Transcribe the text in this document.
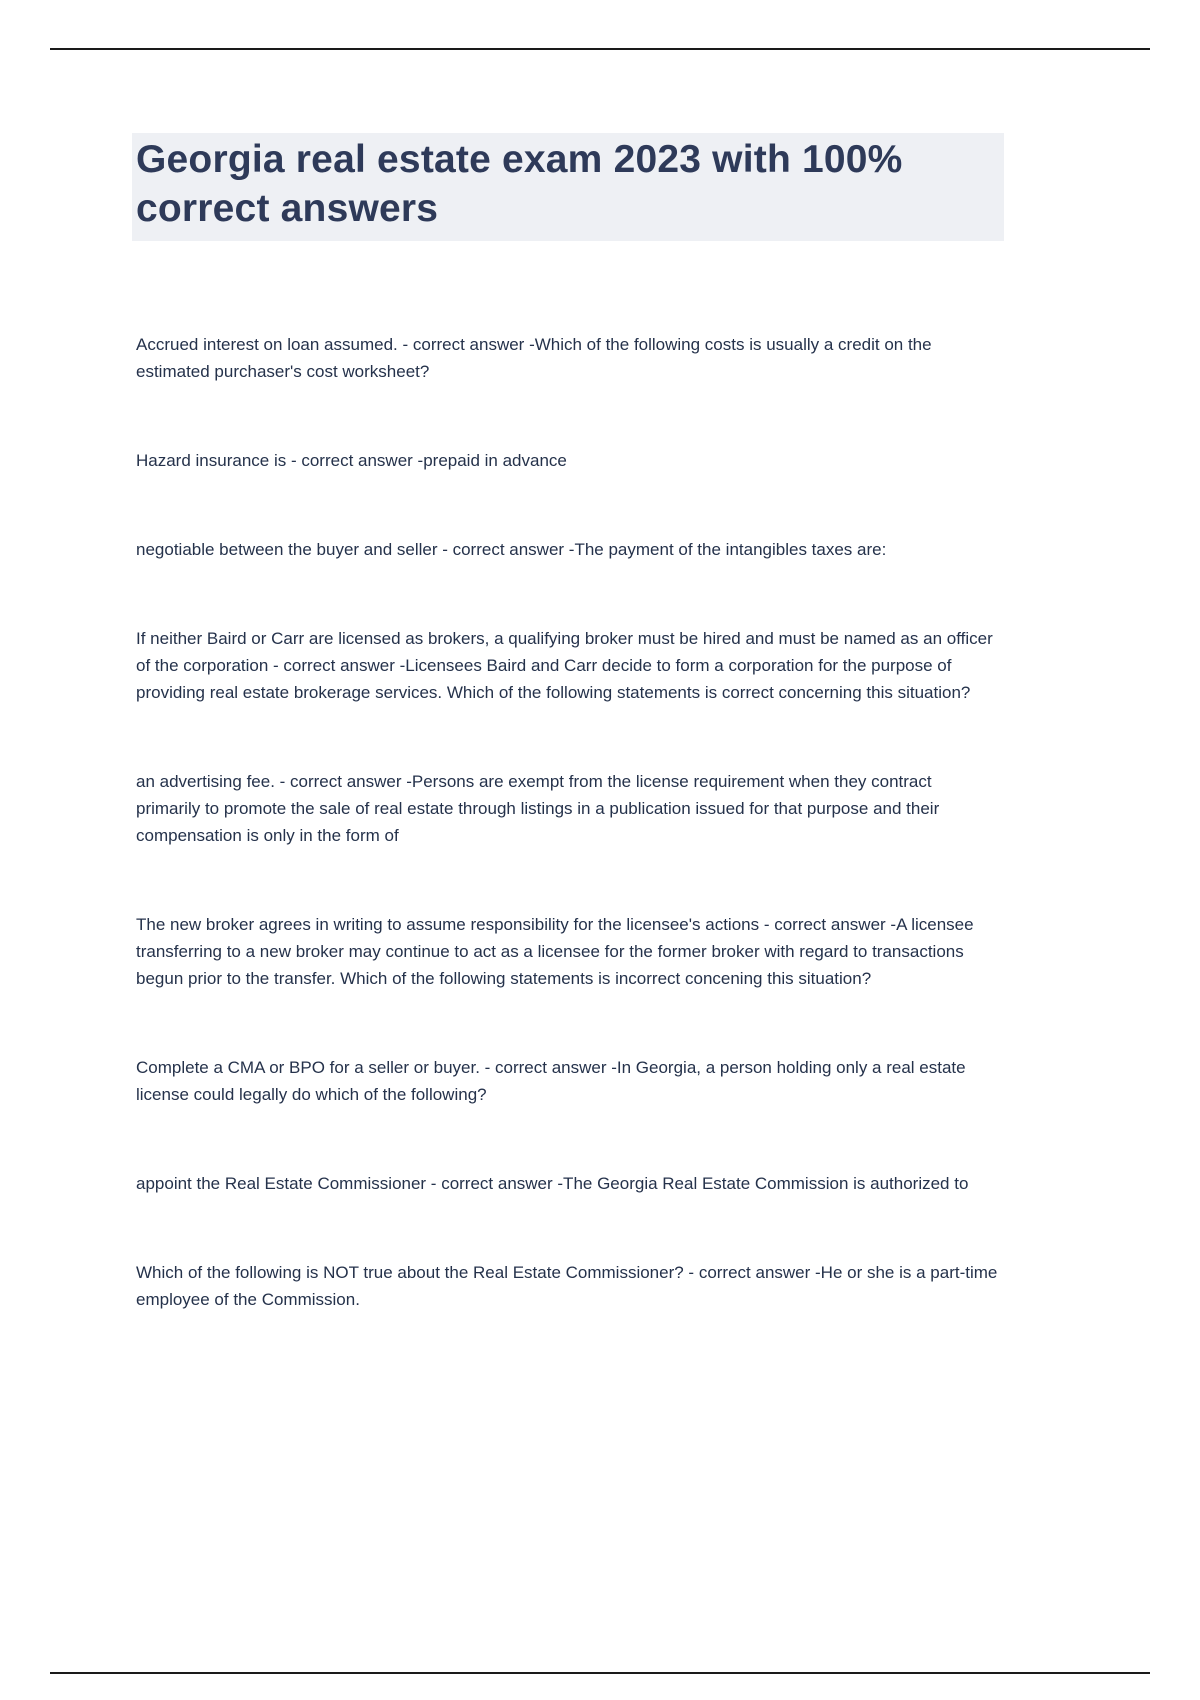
Georgia real estate exam 2023 with 100% correct answers

Accrued interest on loan assumed. - correct answer -Which of the following costs is usually a credit on the estimated purchaser's cost worksheet?

Hazard insurance is - correct answer -prepaid in advance

negotiable between the buyer and seller - correct answer -The payment of the intangibles taxes are:

If neither Baird or Carr are licensed as brokers, a qualifying broker must be hired and must be named as an officer of the corporation - correct answer -Licensees Baird and Carr decide to form a corporation for the purpose of providing real estate brokerage services. Which of the following statements is correct concerning this situation?

an advertising fee. - correct answer -Persons are exempt from the license requirement when they contract primarily to promote the sale of real estate through listings in a publication issued for that purpose and their compensation is only in the form of

The new broker agrees in writing to assume responsibility for the licensee's actions - correct answer -A licensee transferring to a new broker may continue to act as a licensee for the former broker with regard to transactions begun prior to the transfer. Which of the following statements is incorrect concening this situation?

Complete a CMA or BPO for a seller or buyer. - correct answer -In Georgia, a person holding only a real estate license could legally do which of the following?

appoint the Real Estate Commissioner - correct answer -The Georgia Real Estate Commission is authorized to

Which of the following is NOT true about the Real Estate Commissioner? - correct answer -He or she is a part-time employee of the Commission.
